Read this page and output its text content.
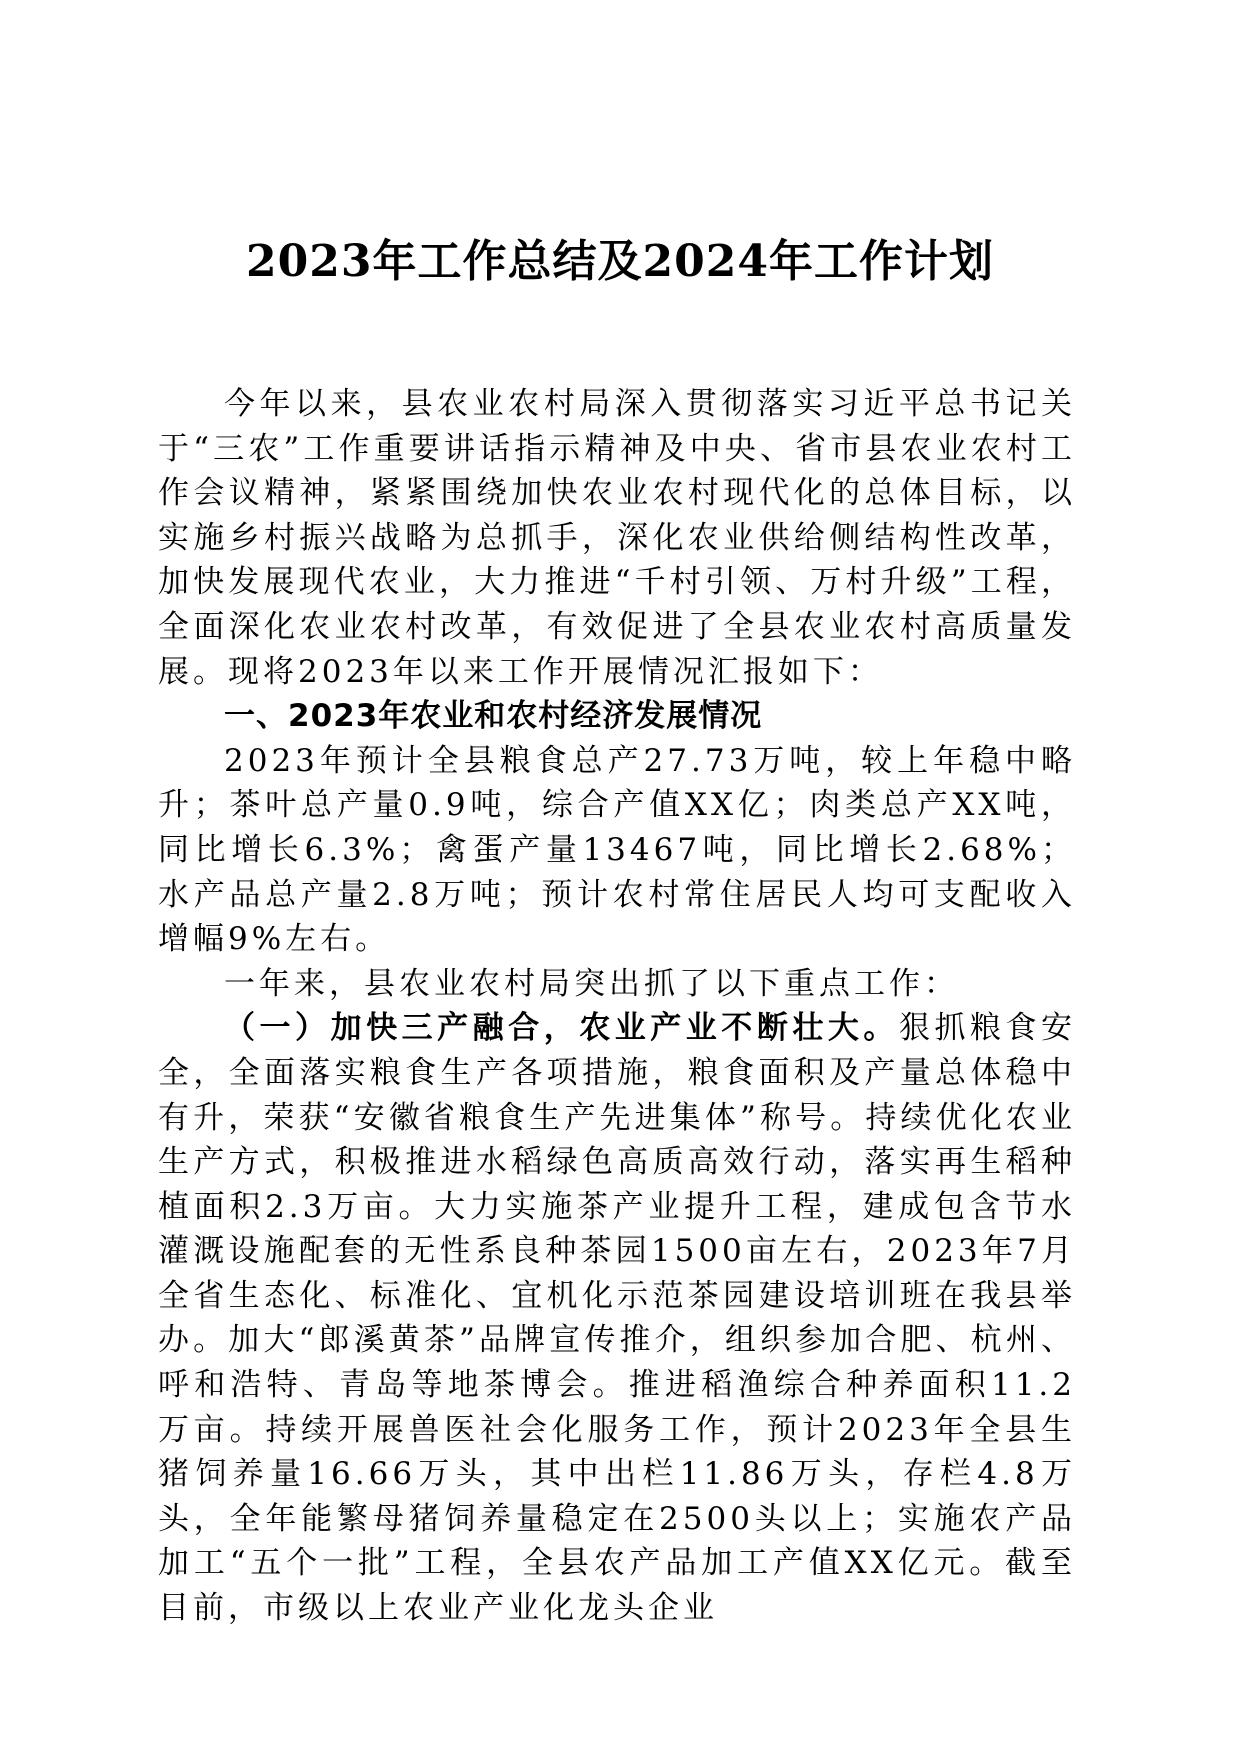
2023年工作总结及2024年工作计划

今年以来，县农业农村局深入贯彻落实习近平总书记关于“三农”工作重要讲话指示精神及中央、省市县农业农村工作会议精神，紧紧围绕加快农业农村现代化的总体目标，以实施乡村振兴战略为总抓手，深化农业供给侧结构性改革，加快发展现代农业，大力推进“千村引领、万村升级”工程，全面深化农业农村改革，有效促进了全县农业农村高质量发展。现将2023年以来工作开展情况汇报如下：

一、2023年农业和农村经济发展情况

2023年预计全县粮食总产27.73万吨，较上年稳中略升；茶叶总产量0.9吨，综合产值XX亿；肉类总产XX吨，同比增长6.3%；禽蛋产量13467吨，同比增长2.68%；水产品总产量2.8万吨；预计农村常住居民人均可支配收入增幅9%左右。

一年来，县农业农村局突出抓了以下重点工作：

（一）加快三产融合，农业产业不断壮大。狠抓粮食安全，全面落实粮食生产各项措施，粮食面积及产量总体稳中有升，荣获“安徽省粮食生产先进集体”称号。持续优化农业生产方式，积极推进水稻绿色高质高效行动，落实再生稻种植面积2.3万亩。大力实施茶产业提升工程，建成包含节水灌溉设施配套的无性系良种茶园1500亩左右，2023年7月全省生态化、标准化、宜机化示范茶园建设培训班在我县举办。加大“郎溪黄茶”品牌宣传推介，组织参加合肥、杭州、呼和浩特、青岛等地茶博会。推进稻渔综合种养面积11.2万亩。持续开展兽医社会化服务工作，预计2023年全县生猪饲养量16.66万头，其中出栏11.86万头，存栏4.8万头，全年能繁母猪饲养量稳定在2500头以上；实施农产品加工“五个一批”工程，全县农产品加工产值XX亿元。截至目前，市级以上农业产业化龙头企业
